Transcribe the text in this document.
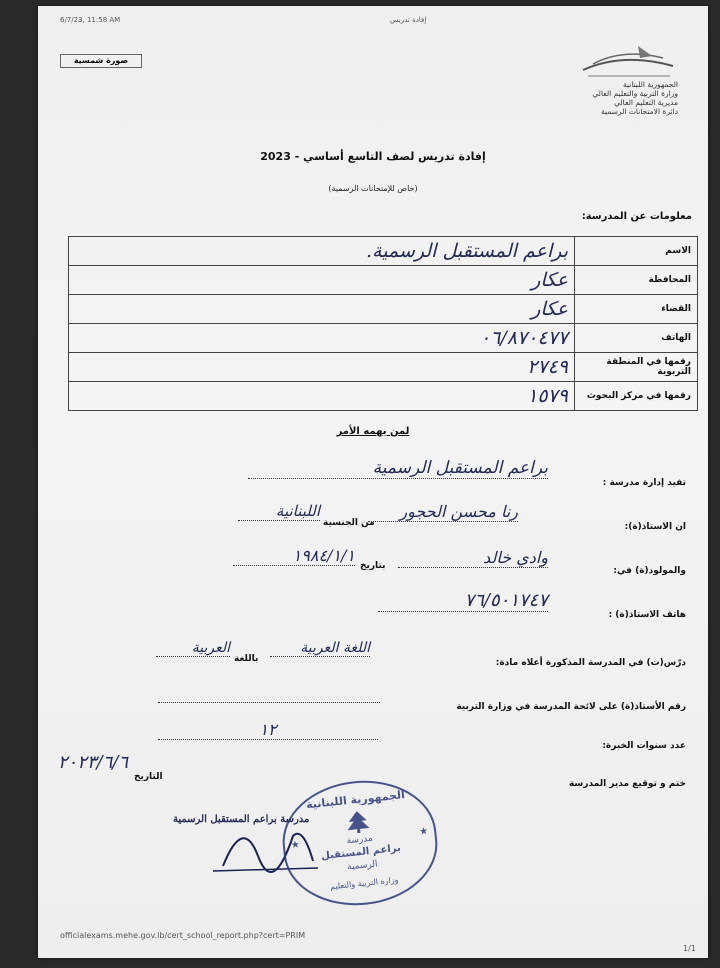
6/7/23, 11:58 AM	إفادة تدريس
صورة شمسية
الجمهورية اللبنانية
وزارة التربية والتعليم العالي
مديرية التعليم العالي
دائرة الامتحانات الرسمية
إفادة تدريس لصف التاسع أساسي - 2023
(خاص للإمتحانات الرسمية)
معلومات عن المدرسة:
الاسم	براعم المستقبل الرسمية.
المحافظة	عكار
القضاء	عكار
الهاتف	٠٦/٨٧٠٤٧٧
رقمها في المنطقة التربوية	٢٧٤٩
رقمها في مركز البحوث	١٥٧٩
لمن يهمه الأمر
تفيد إدارة مدرسة :
براعم المستقبل الرسمية
ان الاستاذ(ة):
رنا محسن الحجور
من الجنسية
اللبنانية
والمولود(ة) في:
وادي خالد
بتاريخ
١٩٨٤/١/١
هاتف الاستاذ(ة) :
٧٦/٥٠١٧٤٧
درّس(ت) في المدرسة المذكورة أعلاه مادة:
اللغة العربية
باللغة
العربية
رقم الأستاذ(ة) على لائحة المدرسة في وزارة التربية
عدد سنوات الخبرة:
١٢
التاريخ
٢٠٢٣/٦/٦
ختم و توقيع مدير المدرسة
مدرسة براعم المستقبل الرسمية
الجمهورية اللبنانية
مدرسة
براعم المستقبل
الرسمية
وزارة التربية والتعليم
★
★
officialexams.mehe.gov.lb/cert_school_report.php?cert=PRIM
1/1
